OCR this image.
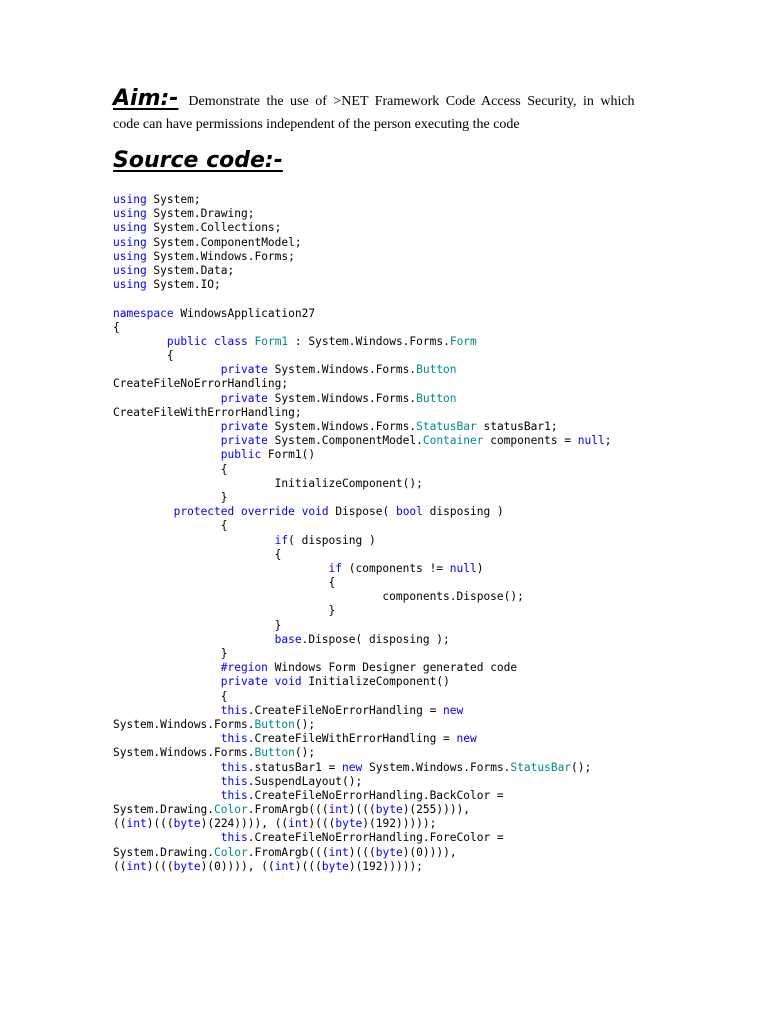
Aim:- Demonstrate the use of >NET Framework Code Access Security, in which
code can have permissions independent of the person executing the code
Source code:-
using System;
using System.Drawing;
using System.Collections;
using System.ComponentModel;
using System.Windows.Forms;
using System.Data;
using System.IO;

namespace WindowsApplication27
{
public class Form1 : System.Windows.Forms.Form
{
private System.Windows.Forms.Button
CreateFileNoErrorHandling;
private System.Windows.Forms.Button
CreateFileWithErrorHandling;
private System.Windows.Forms.StatusBar statusBar1;
private System.ComponentModel.Container components = null;
public Form1()
{
InitializeComponent();
}
protected override void Dispose( bool disposing )
{
if( disposing )
{
if (components != null)
{
components.Dispose();
}
}
base.Dispose( disposing );
}
#region Windows Form Designer generated code
private void InitializeComponent()
{
this.CreateFileNoErrorHandling = new
System.Windows.Forms.Button();
this.CreateFileWithErrorHandling = new
System.Windows.Forms.Button();
this.statusBar1 = new System.Windows.Forms.StatusBar();
this.SuspendLayout();
this.CreateFileNoErrorHandling.BackColor =
System.Drawing.Color.FromArgb(((int)(((byte)(255)))),
((int)(((byte)(224)))), ((int)(((byte)(192)))));
this.CreateFileNoErrorHandling.ForeColor =
System.Drawing.Color.FromArgb(((int)(((byte)(0)))),
((int)(((byte)(0)))), ((int)(((byte)(192)))));
